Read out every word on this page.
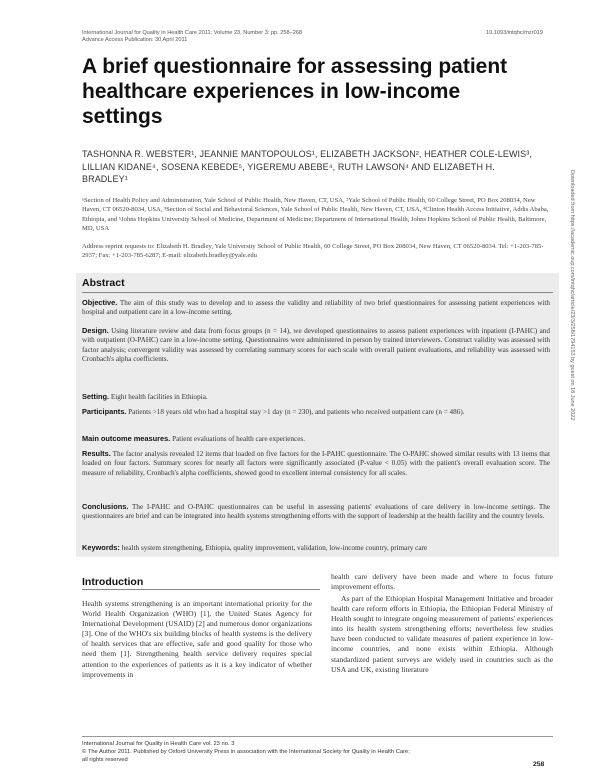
International Journal for Quality in Health Care 2011; Volume 23, Number 3: pp. 258–268
Advance Access Publication: 30 April 2011
10.1093/intqhc/mzr019
A brief questionnaire for assessing patient healthcare experiences in low-income settings
TASHONNA R. WEBSTER¹, JEANNIE MANTOPOULOS¹, ELIZABETH JACKSON², HEATHER COLE-LEWIS³, LILLIAN KIDANE⁴, SOSENA KEBEDE⁵, YIGEREMU ABEBE⁴, RUTH LAWSON⁴ AND ELIZABETH H. BRADLEY¹
¹Section of Health Policy and Administration, Yale School of Public Health, New Haven, CT, USA, ²Yale School of Public Health, 60 College Street, PO Box 208034, New Haven, CT 06520-8034, USA, ³Section of Social and Behavioral Sciences, Yale School of Public Health, New Haven, CT, USA, ⁴Clinton Health Access Initiative, Addis Ababa, Ethiopia, and ⁵Johns Hopkins University School of Medicine, Department of Medicine; Department of International Health, Johns Hopkins School of Public Health, Baltimore, MD, USA
Address reprint requests to: Elizabeth H. Bradley, Yale University School of Public Health, 60 College Street, PO Box 208034, New Haven, CT 06520-8034. Tel: +1-203-785-2937; Fax: +1-203-785-6287; E-mail: elizabeth.bradley@yale.edu	Downloaded from https://academic.oup.com/intqhc/article/23/3/258/1794153 by guest on 18 June 2022
Abstract
Objective. The aim of this study was to develop and to assess the validity and reliability of two brief questionnaires for assessing patient experiences with hospital and outpatient care in a low-income setting.
Design. Using literature review and data from focus groups (n = 14), we developed questionnaires to assess patient experiences with inpatient (I-PAHC) and with outpatient (O-PAHC) care in a low-income setting. Questionnaires were administered in person by trained interviewers. Construct validity was assessed with factor analysis; convergent validity was assessed by correlating summary scores for each scale with overall patient evaluations, and reliability was assessed with Cronbach's alpha coefficients.
Setting. Eight health facilities in Ethiopia.
Participants. Patients >18 years old who had a hospital stay >1 day (n = 230), and patients who received outpatient care (n = 486).
Main outcome measures. Patient evaluations of health care experiences.
Results. The factor analysis revealed 12 items that loaded on five factors for the I-PAHC questionnaire. The O-PAHC showed similar results with 13 items that loaded on four factors. Summary scores for nearly all factors were significantly associated (P-value < 0.05) with the patient's overall evaluation score. The measure of reliability, Cronbach's alpha coefficients, showed good to excellent internal consistency for all scales.
Conclusions. The I-PAHC and O-PAHC questionnaires can be useful in assessing patients' evaluations of care delivery in low-income settings. The questionnaires are brief and can be integrated into health systems strengthening efforts with the support of leadership at the health facility and the country levels.
Keywords: health system strengthening, Ethiopia, quality improvement, validation, low-income country, primary care
Introduction
Health systems strengthening is an important international priority for the World Health Organization (WHO) [1], the United States Agency for International Development (USAID) [2] and numerous donor organizations [3]. One of the WHO's six building blocks of health systems is the delivery of health services that are effective, safe and good quality for those who need them [1]. Strengthening health service delivery requires special attention to the experiences of patients as it is a key indicator of whether improvements in
health care delivery have been made and where to focus future improvement efforts.
As part of the Ethiopian Hospital Management Initiative and broader health care reform efforts in Ethiopia, the Ethiopian Federal Ministry of Health sought to integrate ongoing measurement of patients' experiences into its health system strengthening efforts; nevertheless few studies have been conducted to validate measures of patient experience in low-income countries, and none exists within Ethiopia. Although standardized patient surveys are widely used in countries such as the USA and UK, existing literature
International Journal for Quality in Health Care vol. 23 no. 3
© The Author 2011. Published by Oxford University Press in association with the International Society for Quality in Health Care;
all rights reserved
258
